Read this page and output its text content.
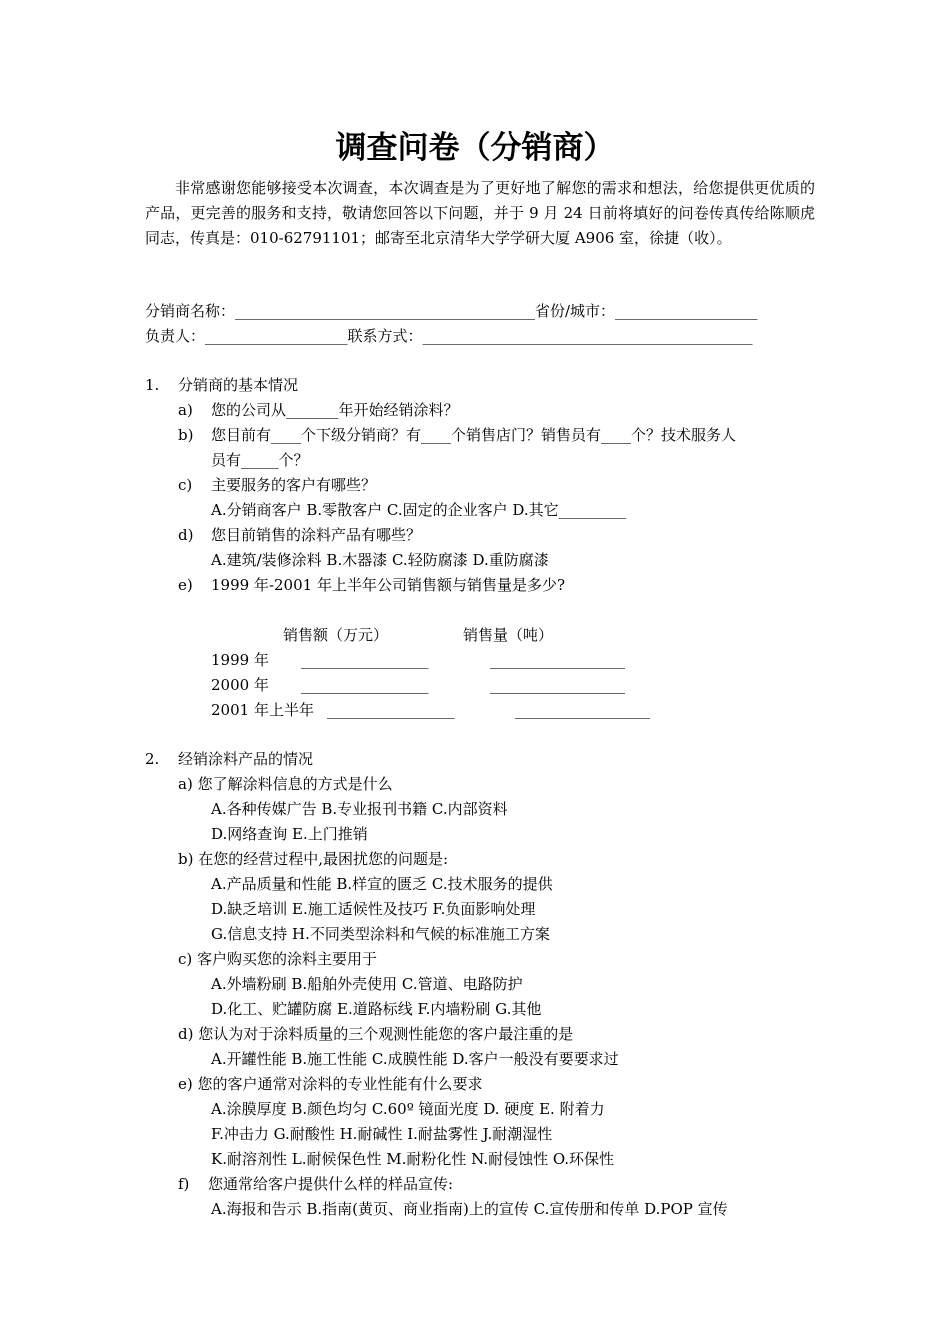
调查问卷（分销商）
非常感谢您能够接受本次调查，本次调查是为了更好地了解您的需求和想法，给您提供更优质的产品，更完善的服务和支持，敬请您回答以下问题，并于 9 月 24 日前将填好的问卷传真传给陈顺虎同志，传真是：010-62791101；邮寄至北京清华大学学研大厦 A906 室，徐捷（收）。
分销商名称：________________________________________省份/城市：___________________
负责人：___________________联系方式：____________________________________________
1. 分销商的基本情况
a) 您的公司从_______年开始经销涂料？
b) 您目前有____个下级分销商？有____个销售店门？销售员有____个？技术服务人
员有_____个？
c) 主要服务的客户有哪些？
A.分销商客户 B.零散客户 C.固定的企业客户 D.其它_________
d) 您目前销售的涂料产品有哪些？
A.建筑/装修涂料 B.木器漆 C.轻防腐漆 D.重防腐漆
e) 1999 年-2001 年上半年公司销售额与销售量是多少?
销售额（万元）	销售量（吨）
1999 年 _________________	__________________
2000 年 _________________	__________________
2001 年上半年 _________________	__________________
2. 经销涂料产品的情况
a) 您了解涂料信息的方式是什么
A.各种传媒广告 B.专业报刊书籍 C.内部资料
D.网络查询 E.上门推销
b) 在您的经营过程中,最困扰您的问题是:
A.产品质量和性能 B.样宣的匮乏 C.技术服务的提供
D.缺乏培训 E.施工适候性及技巧 F.负面影响处理
G.信息支持 H.不同类型涂料和气候的标准施工方案
c) 客户购买您的涂料主要用于
A.外墙粉刷 B.船舶外壳使用 C.管道、电路防护
D.化工、贮罐防腐 E.道路标线 F.内墙粉刷 G.其他
d) 您认为对于涂料质量的三个观测性能您的客户最注重的是
A.开罐性能 B.施工性能 C.成膜性能 D.客户一般没有要要求过
e) 您的客户通常对涂料的专业性能有什么要求
A.涂膜厚度 B.颜色均匀 C.60º 镜面光度 D. 硬度 E. 附着力
F.冲击力 G.耐酸性 H.耐碱性 I.耐盐雾性 J.耐潮湿性
K.耐溶剂性 L.耐候保色性 M.耐粉化性 N.耐侵蚀性 O.环保性
f) 您通常给客户提供什么样的样品宣传:
A.海报和告示 B.指南(黄页、商业指南)上的宣传 C.宣传册和传单 D.POP 宣传
